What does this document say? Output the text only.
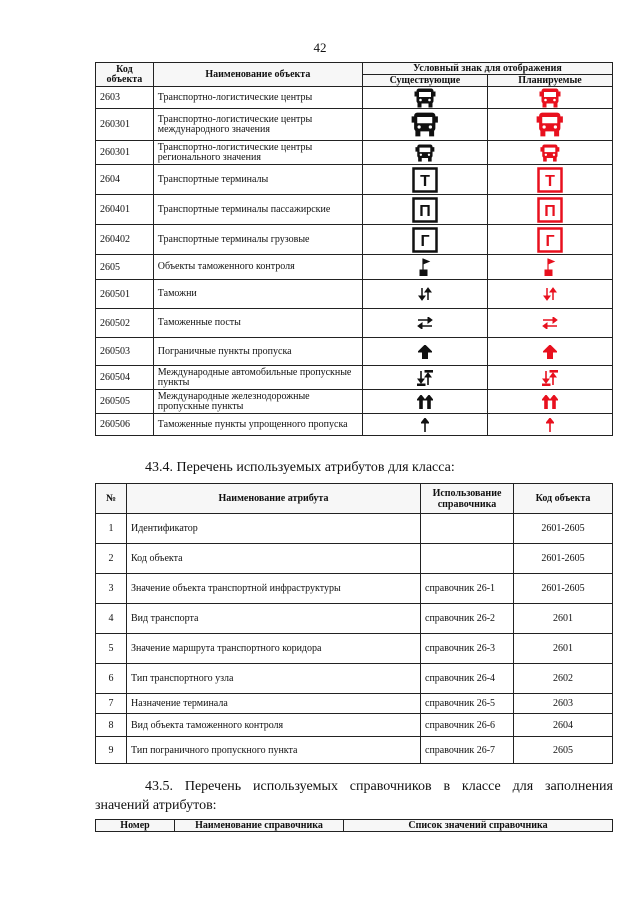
42
Код объекта	Наименование объекта	Условный знак для отображения	
		Существующие	Планируемые
2603	Транспортно-логистические центры	

260301	Транспортно-логистические центры международного значения	

260301	Транспортно-логистические центры регионального значения	

2604	Транспортные терминалы	Т	Т

260401	Транспортные терминалы пассажирские	П	П

260402	Транспортные терминалы грузовые	Г	Г

2605	Объекты таможенного контроля	

260501	Таможни	

260502	Таможенные посты	

260503	Пограничные пункты пропуска	

260504	Международные автомобильные пропускные пункты	

260505	Международные железнодорожные пропускные пункты	

260506	Таможенные пункты упрощенного пропуска	

43.4. Перечень используемых атрибутов для класса:
№	Наименование атрибута	Использование справочника	Код объекта
1	Идентификатор		2601-2605
2	Код объекта		2601-2605
3	Значение объекта транспортной инфраструктуры	справочник 26-1	2601-2605
4	Вид транспорта	справочник 26-2	2601
5	Значение маршрута транспортного коридора	справочник 26-3	2601
6	Тип транспортного узла	справочник 26-4	2602
7	Назначение терминала	справочник 26-5	2603
8	Вид объекта таможенного контроля	справочник 26-6	2604
9	Тип пограничного пропускного пункта	справочник 26-7	2605
43.5. Перечень используемых справочников в классе для заполнения
значений атрибутов:
Номер	Наименование справочника	Список значений справочника
